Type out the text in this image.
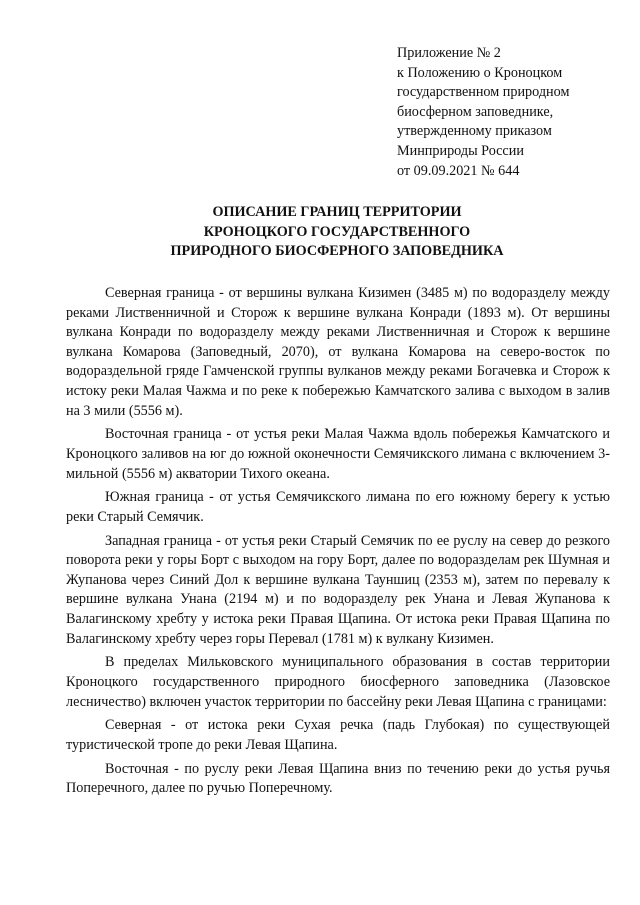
Приложение № 2
к Положению о Кроноцком
государственном природном
биосферном заповеднике,
утвержденному приказом
Минприроды России
от 09.09.2021 № 644
ОПИСАНИЕ ГРАНИЦ ТЕРРИТОРИИ
КРОНОЦКОГО ГОСУДАРСТВЕННОГО
ПРИРОДНОГО БИОСФЕРНОГО ЗАПОВЕДНИКА

Северная граница - от вершины вулкана Кизимен (3485 м) по водоразделу между реками Лиственничной и Сторож к вершине вулкана Конради (1893 м). От вершины вулкана Конради по водоразделу между реками Лиственничная и Сторож к вершине вулкана Комарова (Заповедный, 2070), от вулкана Комарова на северо-восток по водораздельной гряде Гамченской группы вулканов между реками Богачевка и Сторож к истоку реки Малая Чажма и по реке к побережью Камчатского залива с выходом в залив на 3 мили (5556 м).

Восточная граница - от устья реки Малая Чажма вдоль побережья Камчатского и Кроноцкого заливов на юг до южной оконечности Семячикского лимана с включением 3-мильной (5556 м) акватории Тихого океана.

Южная граница - от устья Семячикского лимана по его южному берегу к устью реки Старый Семячик.

Западная граница - от устья реки Старый Семячик по ее руслу на север до резкого поворота реки у горы Борт с выходом на гору Борт, далее по водоразделам рек Шумная и Жупанова через Синий Дол к вершине вулкана Тауншиц (2353 м), затем по перевалу к вершине вулкана Унана (2194 м) и по водоразделу рек Унана и Левая Жупанова к Валагинскому хребту у истока реки Правая Щапина. От истока реки Правая Щапина по Валагинскому хребту через горы Перевал (1781 м) к вулкану Кизимен.

В пределах Мильковского муниципального образования в состав территории Кроноцкого государственного природного биосферного заповедника (Лазовское лесничество) включен участок территории по бассейну реки Левая Щапина с границами:

Северная - от истока реки Сухая речка (падь Глубокая) по существующей туристической тропе до реки Левая Щапина.

Восточная - по руслу реки Левая Щапина вниз по течению реки до устья ручья Поперечного, далее по ручью Поперечному.
